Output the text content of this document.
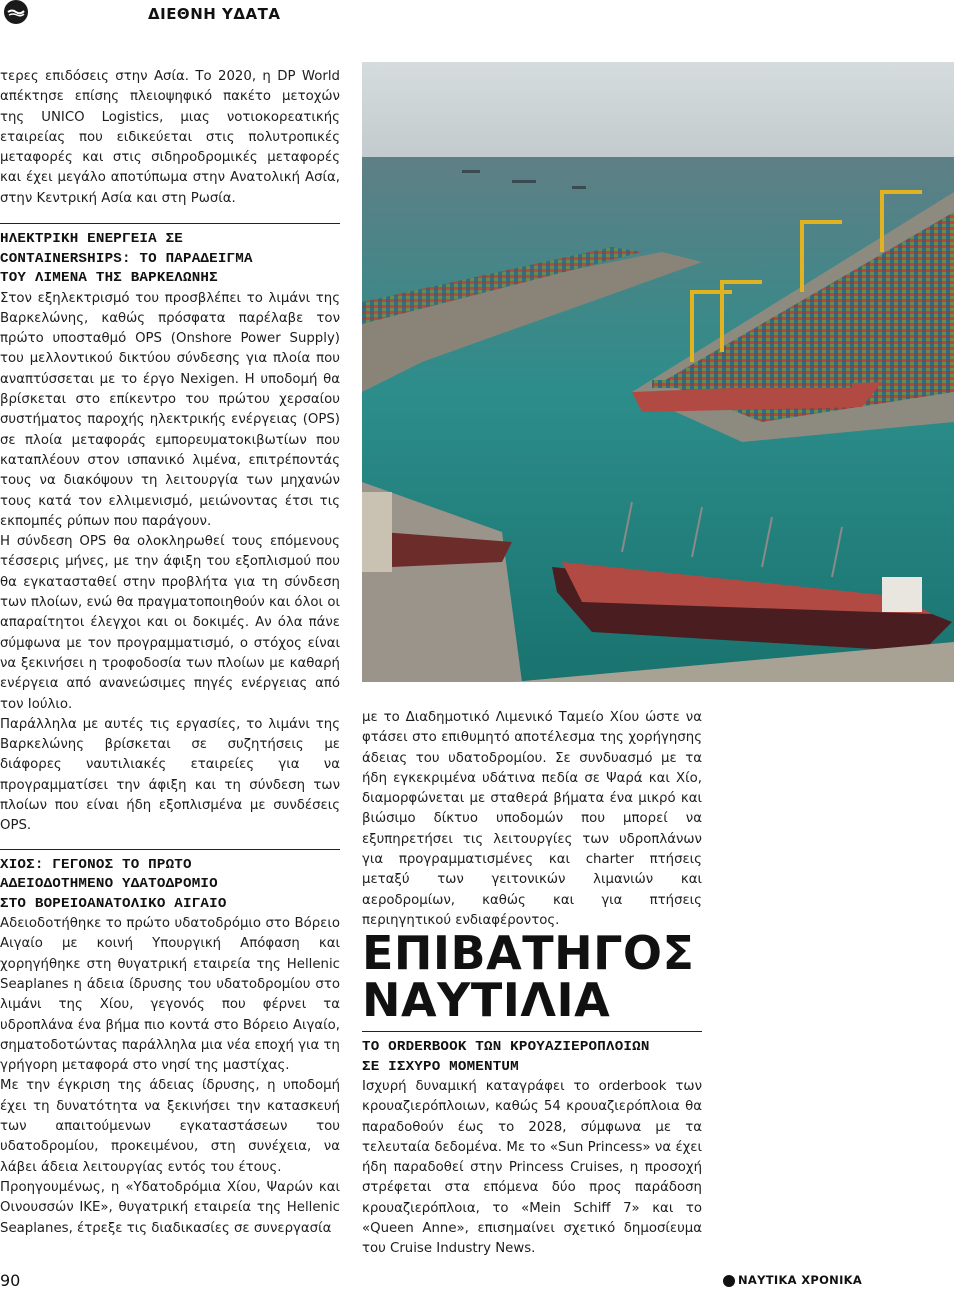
ΔΙΕΘΝΗ ΥΔΑΤΑ

τερες επιδόσεις στην Ασία. Το 2020, η DP World απέκτησε επίσης πλειοψηφικό πακέτο μετοχών της UNICO Logistics, μιας νοτιοκορεατικής εταιρείας που ειδικεύεται στις πολυτροπικές μεταφορές και στις σιδηροδρομικές μεταφορές και έχει μεγάλο αποτύπωμα στην Ανατολική Ασία, στην Κεντρική Ασία και στη Ρωσία.

ΗΛΕΚΤΡΙΚΗ ΕΝΕΡΓΕΙΑ ΣΕ
CONTAINERSHIPS: ΤΟ ΠΑΡΑΔΕΙΓΜΑ
ΤΟΥ ΛΙΜΕΝΑ ΤΗΣ ΒΑΡΚΕΛΩΝΗΣ

Στον εξηλεκτρισμό του προσβλέπει το λιμάνι της Βαρκελώνης, καθώς πρόσφατα παρέλαβε τον πρώτο υποσταθμό OPS (Onshore Power Supply) του μελλοντικού δικτύου σύνδεσης για πλοία που αναπτύσσεται με το έργο Nexigen. Η υποδομή θα βρίσκεται στο επίκεντρο του πρώτου χερσαίου συστήματος παροχής ηλεκτρικής ενέργειας (OPS) σε πλοία μεταφοράς εμπορευματοκιβωτίων που καταπλέουν στον ισπανικό λιμένα, επιτρέποντάς τους να διακόψουν τη λειτουργία των μηχανών τους κατά τον ελλιμενισμό, μειώνοντας έτσι τις εκπομπές ρύπων που παράγουν.

Η σύνδεση OPS θα ολοκληρωθεί τους επόμενους τέσσερις μήνες, με την άφιξη του εξοπλισμού που θα εγκατασταθεί στην προβλήτα για τη σύνδεση των πλοίων, ενώ θα πραγματοποιηθούν και όλοι οι απαραίτητοι έλεγχοι και οι δοκιμές. Αν όλα πάνε σύμφωνα με τον προγραμματισμό, ο στόχος είναι να ξεκινήσει η τροφοδοσία των πλοίων με καθαρή ενέργεια από ανανεώσιμες πηγές ενέργειας από τον Ιούλιο.

Παράλληλα με αυτές τις εργασίες, το λιμάνι της Βαρκελώνης βρίσκεται σε συζητήσεις με διάφορες ναυτιλιακές εταιρείες για να προγραμματίσει την άφιξη και τη σύνδεση των πλοίων που είναι ήδη εξοπλισμένα με συνδέσεις OPS.

ΧΙΟΣ: ΓΕΓΟΝΟΣ ΤΟ ΠΡΩΤΟ
ΑΔΕΙΟΔΟΤΗΜΕΝΟ ΥΔΑΤΟΔΡΟΜΙΟ
ΣΤΟ ΒΟΡΕΙΟΑΝΑΤΟΛΙΚΟ ΑΙΓΑΙΟ

Αδειοδοτήθηκε το πρώτο υδατοδρόμιο στο Βόρειο Αιγαίο με κοινή Υπουργική Απόφαση και χορηγήθηκε στη θυγατρική εταιρεία της Hellenic Seaplanes η άδεια ίδρυσης του υδατοδρομίου στο λιμάνι της Χίου, γεγονός που φέρνει τα υδροπλάνα ένα βήμα πιο κοντά στο Βόρειο Αιγαίο, σηματοδοτώντας παράλληλα μια νέα εποχή για τη γρήγορη μεταφορά στο νησί της μαστίχας.

Με την έγκριση της άδειας ίδρυσης, η υποδομή έχει τη δυνατότητα να ξεκινήσει την κατασκευή των απαιτούμενων εγκαταστάσεων του υδατοδρομίου, προκειμένου, στη συνέχεια, να λάβει άδεια λειτουργίας εντός του έτους.

Προηγουμένως, η «Υδατοδρόμια Χίου, Ψαρών και Οινουσσών ΙΚΕ», θυγατρική εταιρεία της Hellenic Seaplanes, έτρεξε τις διαδικασίες σε συνεργασία

με το Διαδημοτικό Λιμενικό Ταμείο Χίου ώστε να φτάσει στο επιθυμητό αποτέλεσμα της χορήγησης άδειας του υδατοδρομίου. Σε συνδυασμό με τα ήδη εγκεκριμένα υδάτινα πεδία σε Ψαρά και Χίο, διαμορφώνεται με σταθερά βήματα ένα μικρό και βιώσιμο δίκτυο υποδομών που μπορεί να εξυπηρετήσει τις λειτουργίες των υδροπλάνων για προγραμματισμένες και charter πτήσεις μεταξύ των γειτονικών λιμανιών και αεροδρομίων, καθώς και για πτήσεις περιηγητικού ενδιαφέροντος.

ΕΠΙΒΑΤΗΓΟΣ
ΝΑΥΤΙΛΙΑ
ΤΟ ORDERBOOK ΤΩΝ ΚΡΟΥΑΖΙΕΡΟΠΛΟΙΩΝ
ΣΕ ΙΣΧΥΡΟ MOMENTUM

Ισχυρή δυναμική καταγράφει το orderbook των κρουαζιερόπλοιων, καθώς 54 κρουαζιερόπλοια θα παραδοθούν έως το 2028, σύμφωνα με τα τελευταία δεδομένα. Με το «Sun Princess» να έχει ήδη παραδοθεί στην Princess Cruises, η προσοχή στρέφεται στα επόμενα δύο προς παράδοση κρουαζιερόπλοια, το «Mein Schiff 7» και το «Queen Anne», επισημαίνει σχετικό δημοσίευμα του Cruise Industry News.

90	ΝΑΥΤΙΚΑ ΧΡΟΝΙΚΑ
